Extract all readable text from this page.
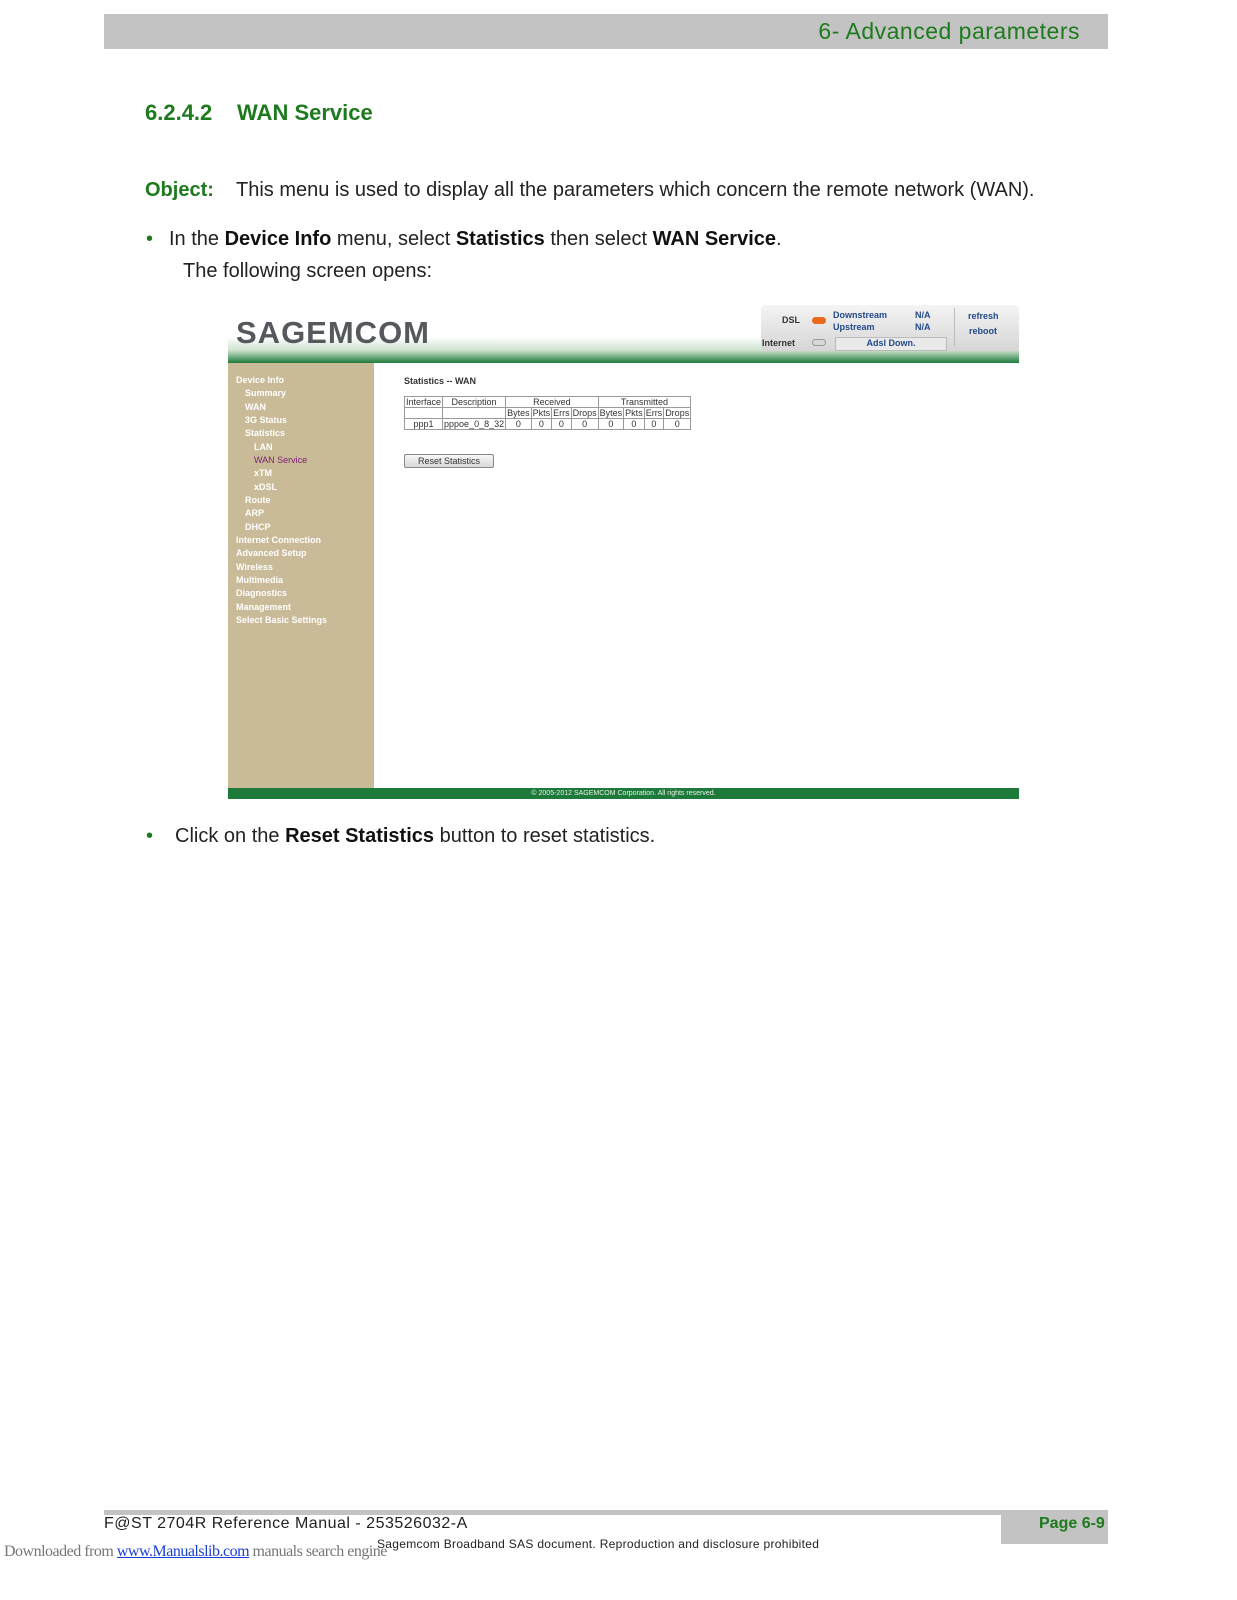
6- Advanced parameters
6.2.4.2 WAN Service
Object: This menu is used to display all the parameters which concern the remote network (WAN).
• In the Device Info menu, select Statistics then select WAN Service.
The following screen opens:
SAGEMCOM	DSL	Downstream
Upstream
N/A
N/A
Internet	Adsl Down.
refresh
reboot
Device Info
Summary
WAN
3G Status
Statistics
LAN
WAN Service
xTM
xDSL
Route
ARP
DHCP
Internet Connection
Advanced Setup
Wireless
Multimedia
Diagnostics
Management
Select Basic Settings
Statistics -- WAN
Interface	Description	Received				Transmitted			
		Bytes	Pkts	Errs	Drops	Bytes	Pkts	Errs	Drops
ppp1	pppoe_0_8_32	0	0	0	0	0	0	0	0
Reset Statistics
© 2005-2012 SAGEMCOM Corporation. All rights reserved.
• Click on the Reset Statistics button to reset statistics.
F@ST 2704R Reference Manual - 253526032-A	Page 6-9
Sagemcom Broadband SAS document. Reproduction and disclosure prohibited
Downloaded from www.Manualslib.com manuals search engine
